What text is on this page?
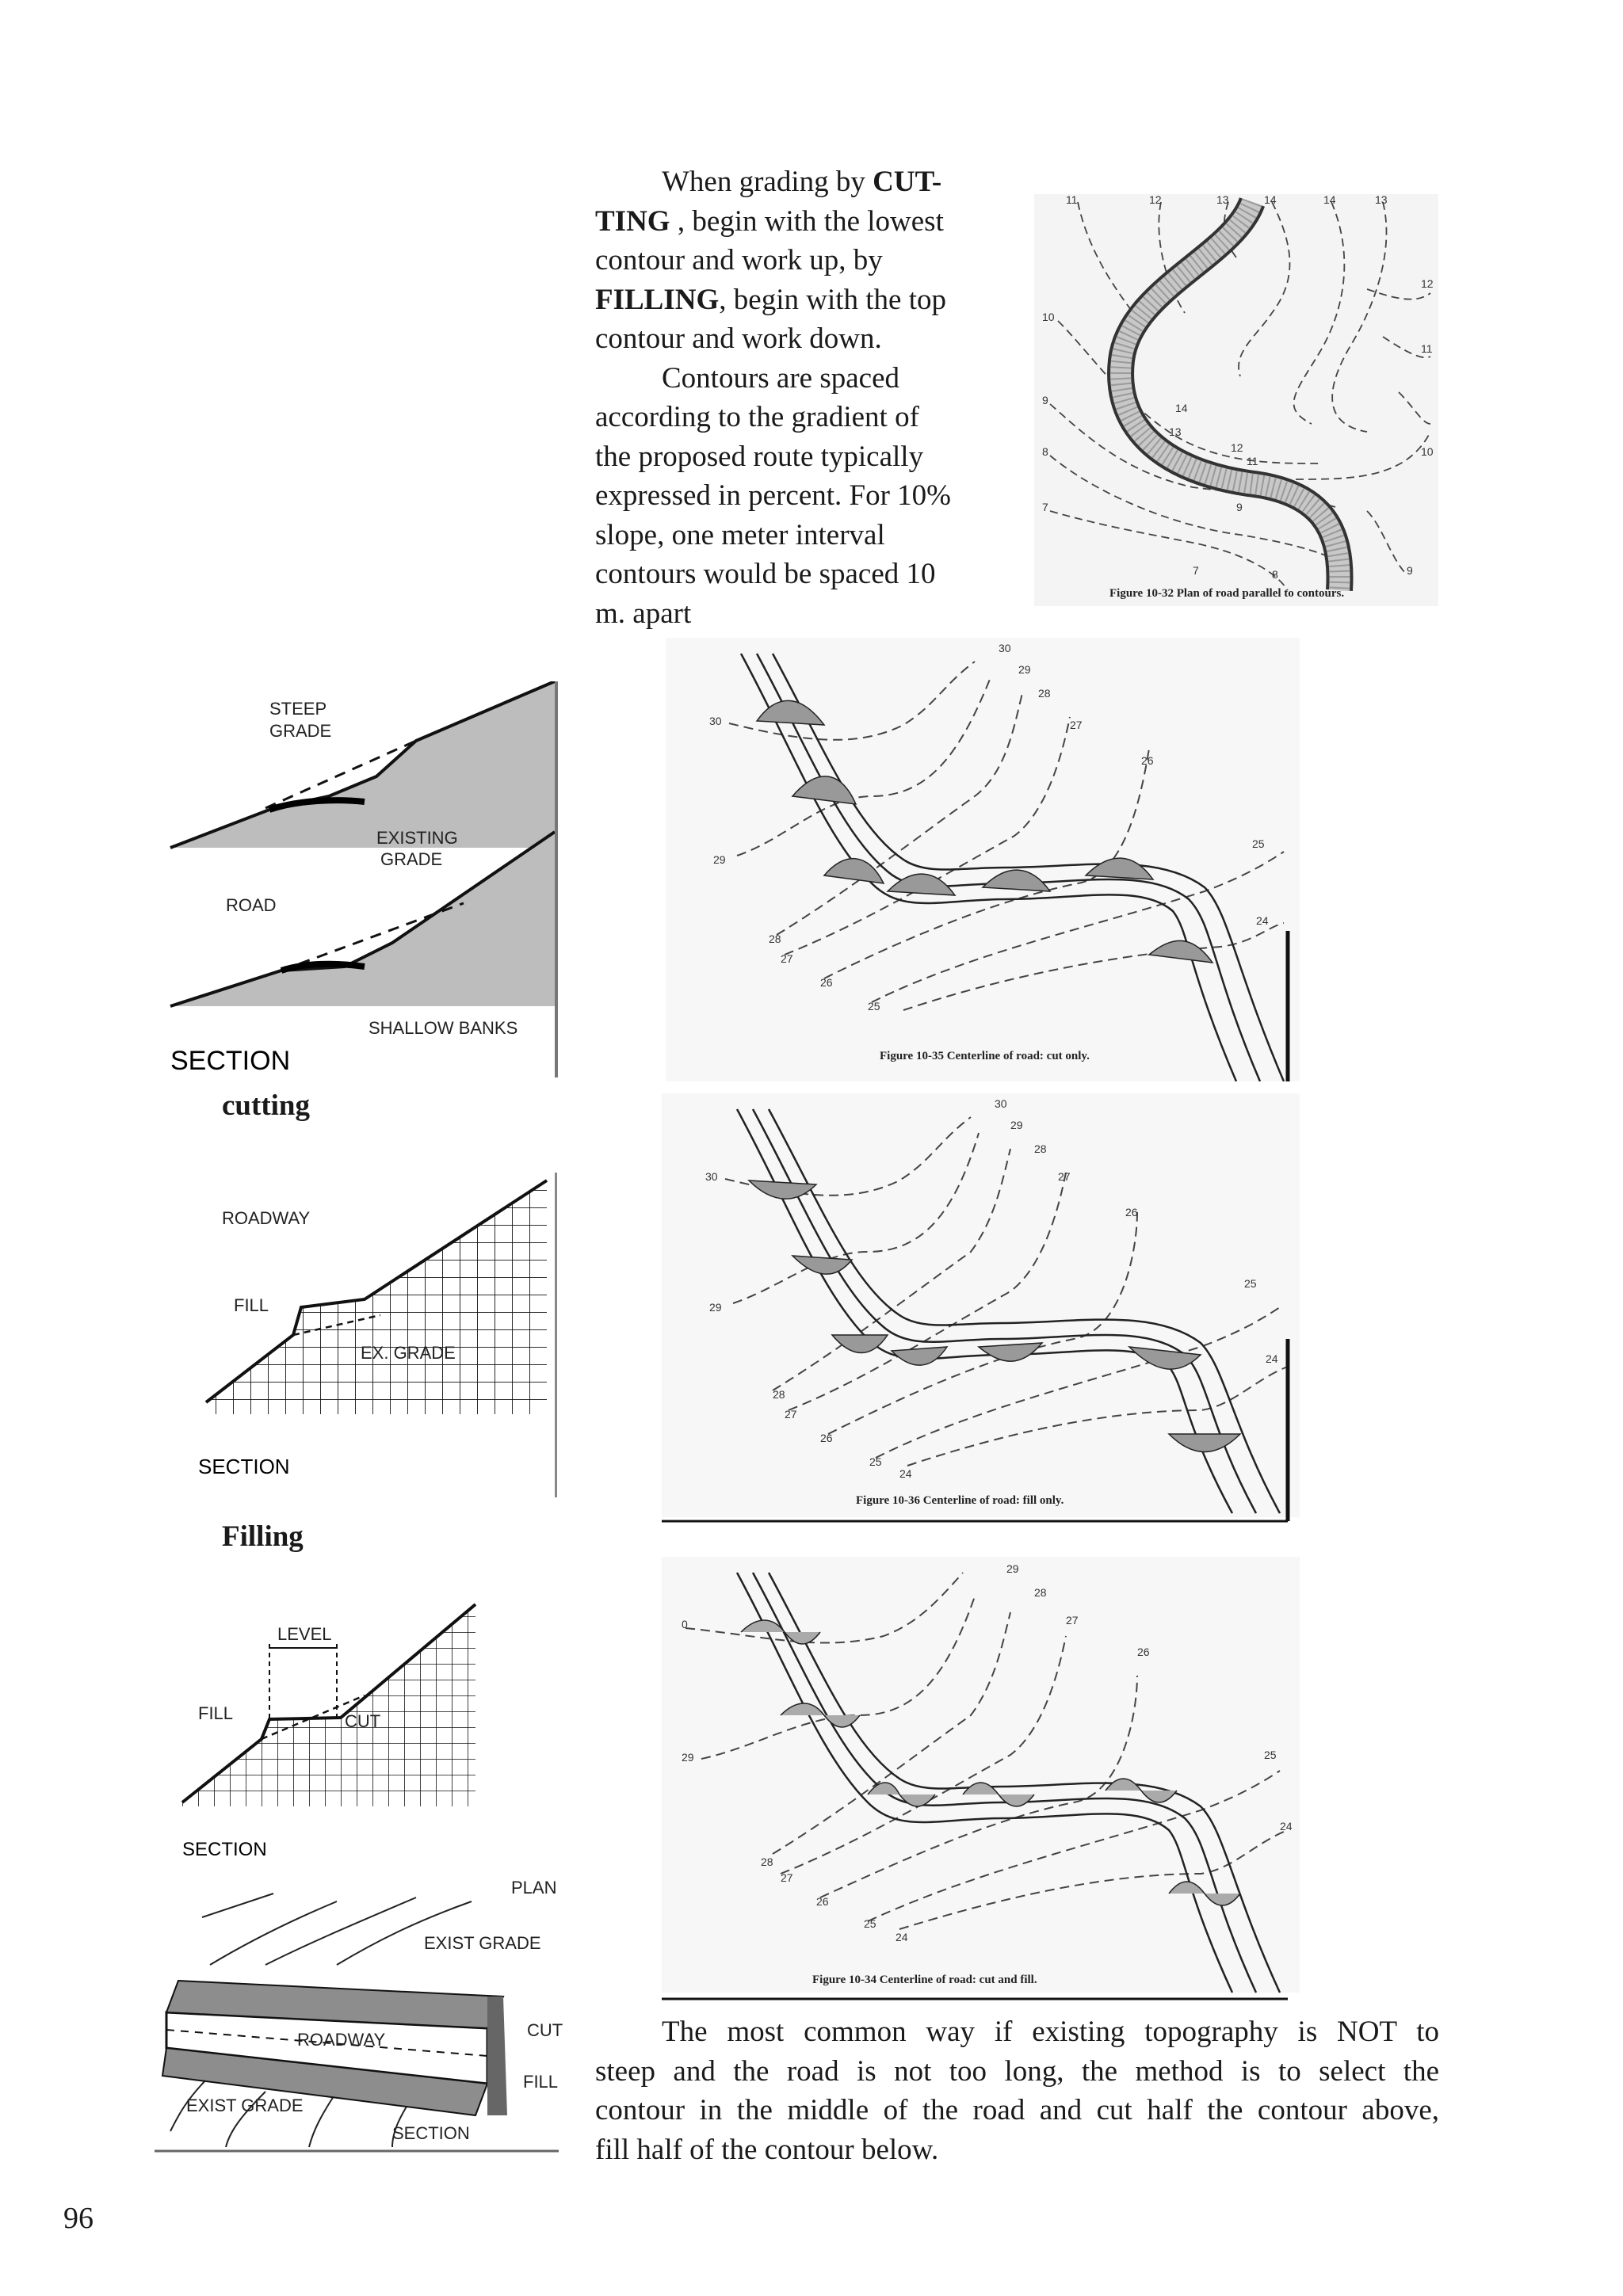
When grading by CUT-
TING , begin with the lowest
contour and work up, by
FILLING, begin with the top
contour and work down.
Contours are spaced
according to the gradient of
the proposed route typically
expressed in percent. For 10%
slope, one meter interval
contours would be spaced 10
m. apart
11	12	13	14	14	13
12
11
10
10
9
9
8
8
7
7
14
13
12
11
9
Figure 10-32 Plan of road parallel to contours.
STEEP
GRADE
EXISTING
GRADE
ROAD
SHALLOW BANKS
SECTION
cutting
ROADWAY
FILL
EX. GRADE
SECTION
Filling
LEVEL
FILL	CUT
SECTION
PLAN
EXIST GRADE
ROADWAY	CUT
EXIST GRADE
FILL
SECTION
30
29
28
27
26
25
24
30
29
28
27
26
25
Figure 10-35 Centerline of road: cut only.
30
29
28
27
26
25
24
30
29
28
27
26
25
24
Figure 10-36 Centerline of road: fill only.
0
29
28
27
26
25
24
29
28
27
26
25
24
Figure 10-34 Centerline of road: cut and fill.
The most common way if existing topography is NOT to
steep and the road is not too long, the method is to select the
contour in the middle of the road and cut half the contour above,
fill half of the contour below.
96
